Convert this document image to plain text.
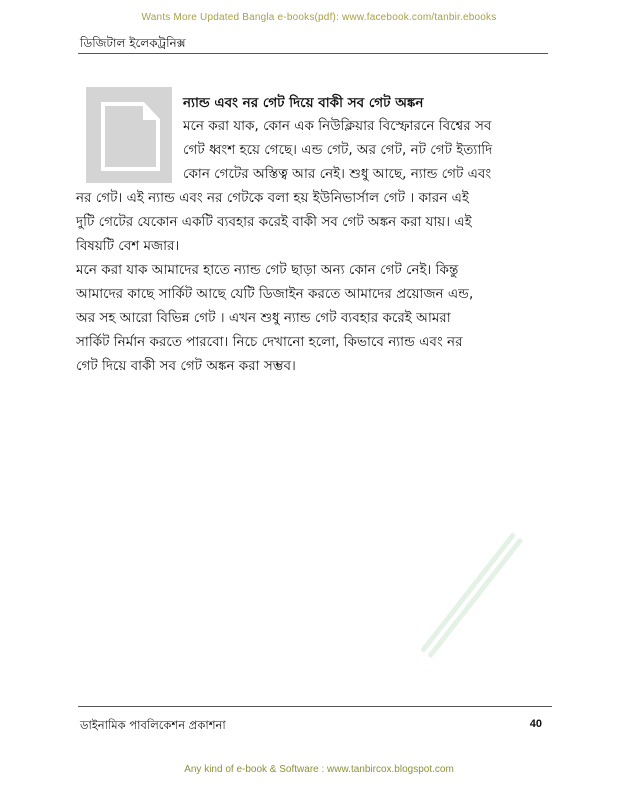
Wants More Updated Bangla e-books(pdf): www.facebook.com/tanbir.ebooks
ডিজিটাল ইলেকট্রনিক্স
ন্যান্ড এবং নর গেট দিয়ে বাকী সব গেট অঙ্কন
মনে করা যাক, কোন এক নিউক্লিয়ার বিস্ফোরনে বিশ্বের সব
গেট ধ্বংশ হয়ে গেছে। এন্ড গেট, অর গেট, নট গেট ইত্যাদি
কোন গেটের অস্তিত্ব আর নেই। শুধু আছে, ন্যান্ড গেট এবং
নর গেট। এই ন্যান্ড এবং নর গেটকে বলা হয় ইউনিভার্সাল গেট । কারন এই
দুটি গেটের যেকোন একটি ব্যবহার করেই বাকী সব গেট অঙ্কন করা যায়। এই
বিষয়টি বেশ মজার।
মনে করা যাক আমাদের হাতে ন্যান্ড গেট ছাড়া অন্য কোন গেট নেই। কিন্তু
আমাদের কাছে সার্কিট আছে যেটি ডিজাইন করতে আমাদের প্রয়োজন এন্ড,
অর সহ আরো বিভিন্ন গেট । এখন শুধু ন্যান্ড গেট ব্যবহার করেই আমরা
সার্কিট নির্মান করতে পারবো। নিচে দেখানো হলো, কিভাবে ন্যান্ড এবং নর
গেট দিয়ে বাকী সব গেট অঙ্কন করা সম্ভব।
ডাইনামিক পাবলিকেশন প্রকাশনা	40
Any kind of e-book & Software : www.tanbircox.blogspot.com
